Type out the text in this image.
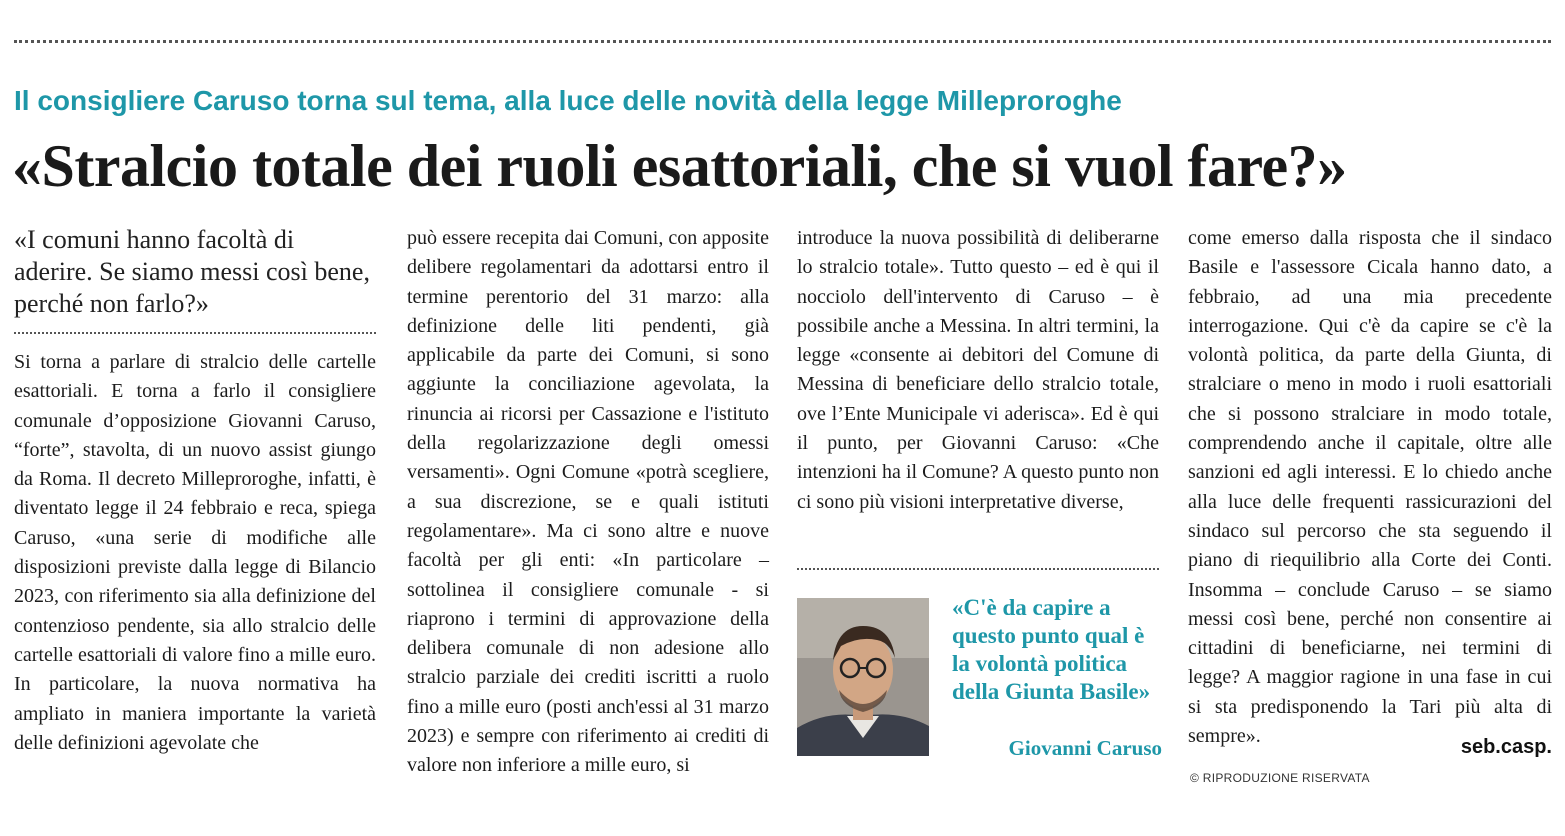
Il consigliere Caruso torna sul tema, alla luce delle novità della legge Milleproroghe
«Stralcio totale dei ruoli esattoriali, che si vuol fare?»
«I comuni hanno facoltà di aderire. Se siamo messi così bene, perché non farlo?»

Si torna a parlare di stralcio delle cartelle esattoriali. E torna a farlo il consigliere comunale d’opposizione Giovanni Caruso, “forte”, stavolta, di un nuovo assist giungo da Roma. Il decreto Milleproroghe, infatti, è diventato legge il 24 febbraio e reca, spiega Caruso, «una serie di modifiche alle disposizioni previste dalla legge di Bilancio 2023, con riferimento sia alla definizione del contenzioso pendente, sia allo stralcio delle cartelle esattoriali di valore fino a mille euro. In particolare, la nuova normativa ha ampliato in maniera importante la varietà delle definizioni agevolate che

può essere recepita dai Comuni, con apposite delibere regolamentari da adottarsi entro il termine perentorio del 31 marzo: alla definizione delle liti pendenti, già applicabile da parte dei Comuni, si sono aggiunte la conciliazione agevolata, la rinuncia ai ricorsi per Cassazione e l'istituto della regolarizzazione degli omessi versamenti». Ogni Comune «potrà scegliere, a sua discrezione, se e quali istituti regolamentare». Ma ci sono altre e nuove facoltà per gli enti: «In particolare – sottolinea il consigliere comunale - si riaprono i termini di approvazione della delibera comunale di non adesione allo stralcio parziale dei crediti iscritti a ruolo fino a mille euro (posti anch'essi al 31 marzo 2023) e sempre con riferimento ai crediti di valore non inferiore a mille euro, si

introduce la nuova possibilità di deliberarne lo stralcio totale». Tutto questo – ed è qui il nocciolo dell'intervento di Caruso – è possibile anche a Messina. In altri termini, la legge «consente ai debitori del Comune di Messina di beneficiare dello stralcio totale, ove l’Ente Municipale vi aderisca». Ed è qui il punto, per Giovanni Caruso: «Che intenzioni ha il Comune? A questo punto non ci sono più visioni interpretative diverse,

«C'è da capire a questo punto qual è la volontà politica della Giunta Basile»
Giovanni Caruso

come emerso dalla risposta che il sindaco Basile e l'assessore Cicala hanno dato, a febbraio, ad una mia precedente interrogazione. Qui c'è da capire se c'è la volontà politica, da parte della Giunta, di stralciare o meno in modo i ruoli esattoriali che si possono stralciare in modo totale, comprendendo anche il capitale, oltre alle sanzioni ed agli interessi. E lo chiedo anche alla luce delle frequenti rassicurazioni del sindaco sul percorso che sta seguendo il piano di riequilibrio alla Corte dei Conti. Insomma – conclude Caruso – se siamo messi così bene, perché non consentire ai cittadini di beneficiarne, nei termini di legge? A maggior ragione in una fase in cui si sta predisponendo la Tari più alta di sempre».	seb.casp.
© RIPRODUZIONE RISERVATA
